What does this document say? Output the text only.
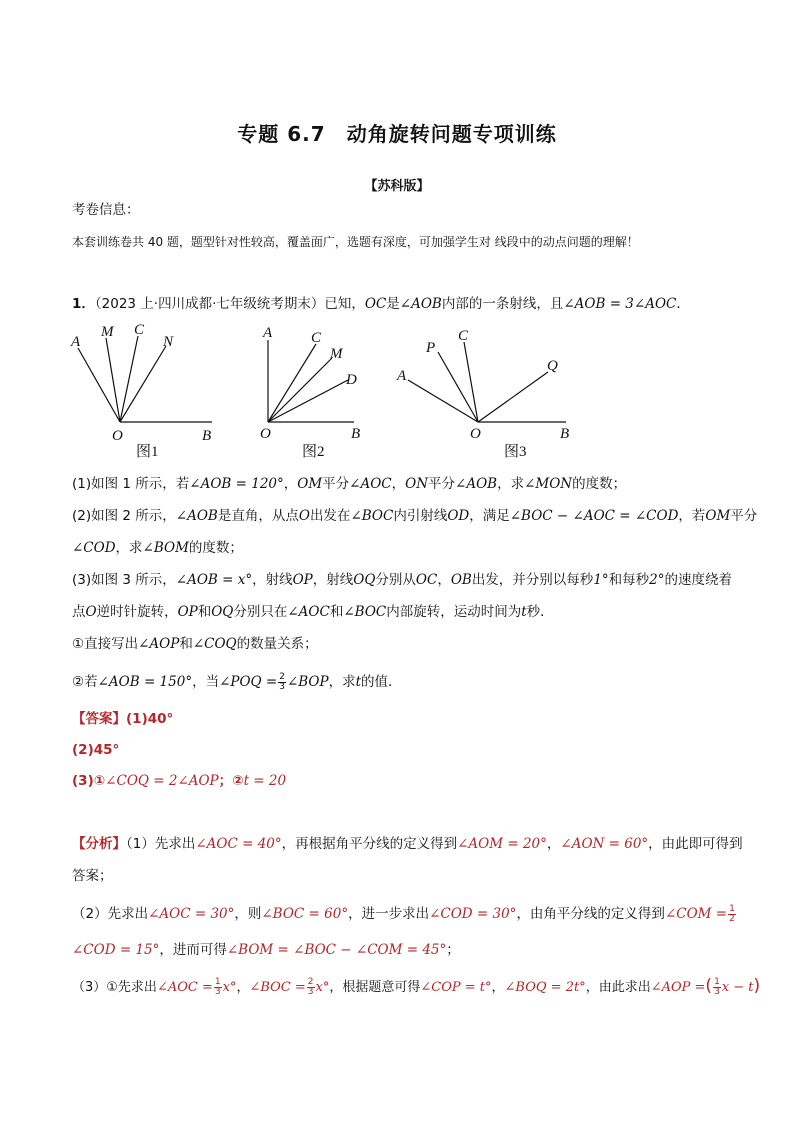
专题 6.7　动角旋转问题专项训练
【苏科版】
考卷信息：
本套训练卷共 40 题，题型针对性较高，覆盖面广，选题有深度，可加强学生对 线段中的动点问题的理解！
1．（2023 上·四川成都·七年级统考期末）已知，OC是∠AOB内部的一条射线，且∠AOB = 3∠AOC．
A
M C
N
O	B
图1
A	C
M
D
O	B
图2
P
C
A
Q
O	B
图3
(1)如图 1 所示，若∠AOB = 120°，OM平分∠AOC，ON平分∠AOB，求∠MON的度数；
(2)如图 2 所示，∠AOB是直角，从点O出发在∠BOC内引射线OD，满足∠BOC − ∠AOC = ∠COD，若OM平分
∠COD，求∠BOM的度数；
(3)如图 3 所示，∠AOB = x°，射线OP，射线OQ分别从OC，OB出发，并分别以每秒1°和每秒2°的速度绕着
点O逆时针旋转，OP和OQ分别只在∠AOC和∠BOC内部旋转，运动时间为t秒．
①直接写出∠AOP和∠COQ的数量关系；
②若∠AOB = 150°，当∠POQ = $\frac{2}{3}$ ∠BOP，求t的值．
【答案】(1)40°
(2)45°
(3)①∠COQ = 2∠AOP；②t = 20
【分析】（1）先求出∠AOC = 40°，再根据角平分线的定义得到∠AOM = 20°，∠AON = 60°，由此即可得到
答案；
（2）先求出∠AOC = 30°，则∠BOC = 60°，进一步求出∠COD = 30°，由角平分线的定义得到∠COM = $\frac{1}{2}$
∠COD = 15°，进而可得∠BOM = ∠BOC − ∠COM = 45°；
（3）①先求出∠AOC = $\frac{1}{3} x^\circ$，∠BOC = $\frac{2}{3} x^\circ$，根据题意可得∠COP = t°，∠BOQ = 2t°，由此求出∠AOP =( $\frac{1}{3}$ x − t)
